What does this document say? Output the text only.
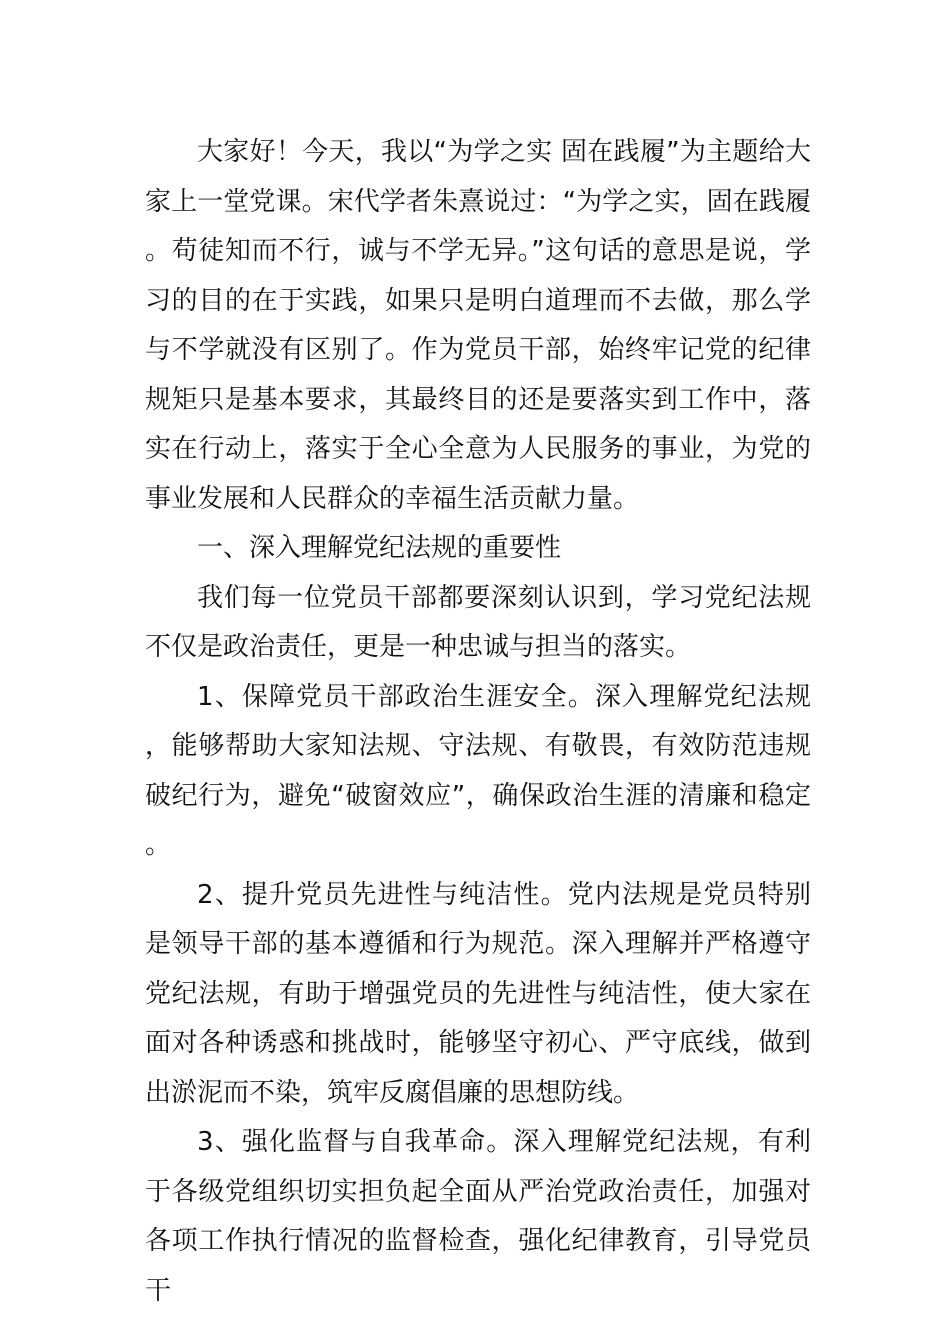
大家好！今天，我以“为学之实 固在践履”为主题给大家上一堂党课。宋代学者朱熹说过：“为学之实，固在践履。苟徒知而不行，诚与不学无异。”这句话的意思是说，学习的目的在于实践，如果只是明白道理而不去做，那么学与不学就没有区别了。作为党员干部，始终牢记党的纪律规矩只是基本要求，其最终目的还是要落实到工作中，落实在行动上，落实于全心全意为人民服务的事业，为党的事业发展和人民群众的幸福生活贡献力量。

一、深入理解党纪法规的重要性

我们每一位党员干部都要深刻认识到，学习党纪法规不仅是政治责任，更是一种忠诚与担当的落实。

1、保障党员干部政治生涯安全。深入理解党纪法规，能够帮助大家知法规、守法规、有敬畏，有效防范违规破纪行为，避免“破窗效应”，确保政治生涯的清廉和稳定。

2、提升党员先进性与纯洁性。党内法规是党员特别是领导干部的基本遵循和行为规范。深入理解并严格遵守党纪法规，有助于增强党员的先进性与纯洁性，使大家在面对各种诱惑和挑战时，能够坚守初心、严守底线，做到出淤泥而不染，筑牢反腐倡廉的思想防线。

3、强化监督与自我革命。深入理解党纪法规，有利于各级党组织切实担负起全面从严治党政治责任，加强对各项工作执行情况的监督检查，强化纪律教育，引导党员干
